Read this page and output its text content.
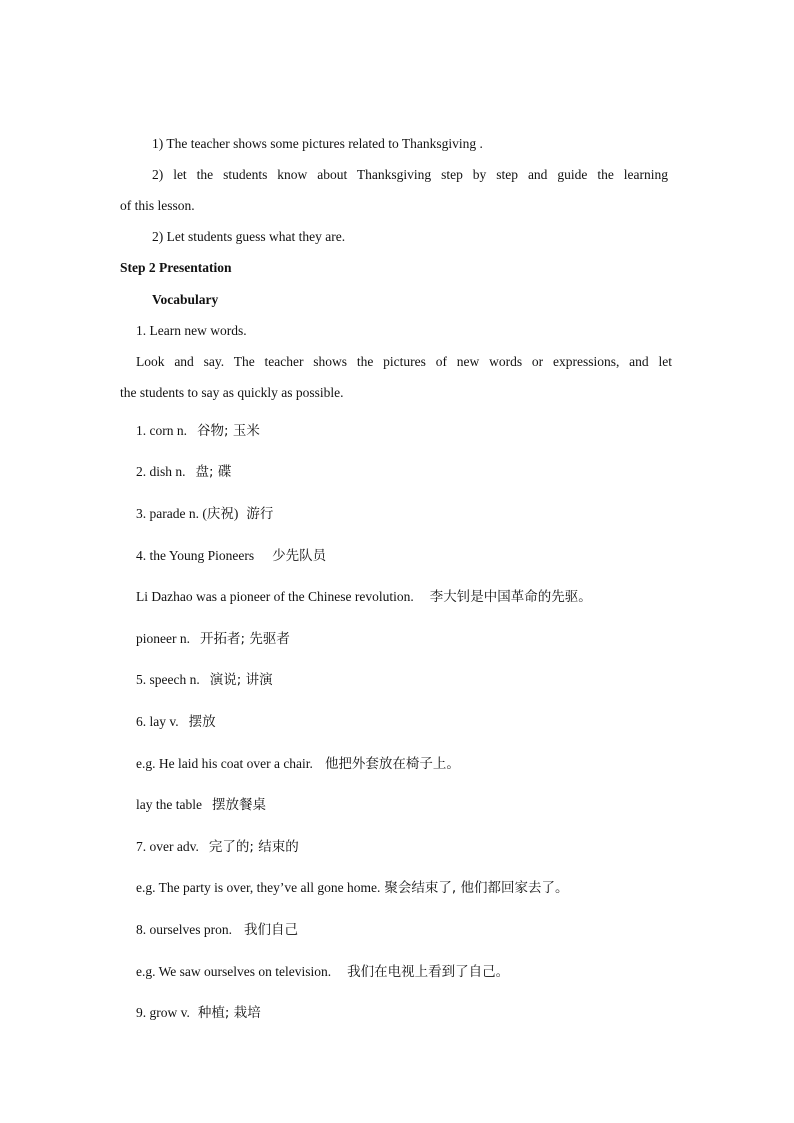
1) The teacher shows some pictures related to Thanksgiving .
2) let the students know about Thanksgiving step by step and guide the learning
of this lesson.
2) Let students guess what they are.
Step 2 Presentation
Vocabulary
1. Learn new words.
Look and say. The teacher shows the pictures of new words or expressions, and let
the students to say as quickly as possible.
1. corn n. 谷物; 玉米
2. dish n. 盘; 碟
3. parade n. (庆祝) 游行
4. the Young Pioneers 少先队员
Li Dazhao was a pioneer of the Chinese revolution. 李大钊是中国革命的先驱。
pioneer n. 开拓者; 先驱者
5. speech n. 演说; 讲演
6. lay v. 摆放
e.g. He laid his coat over a chair. 他把外套放在椅子上。
lay the table 摆放餐桌
7. over adv. 完了的; 结束的
e.g. The party is over, they’ve all gone home. 聚会结束了, 他们都回家去了。
8. ourselves pron. 我们自己
e.g. We saw ourselves on television. 我们在电视上看到了自己。
9. grow v. 种植; 栽培
